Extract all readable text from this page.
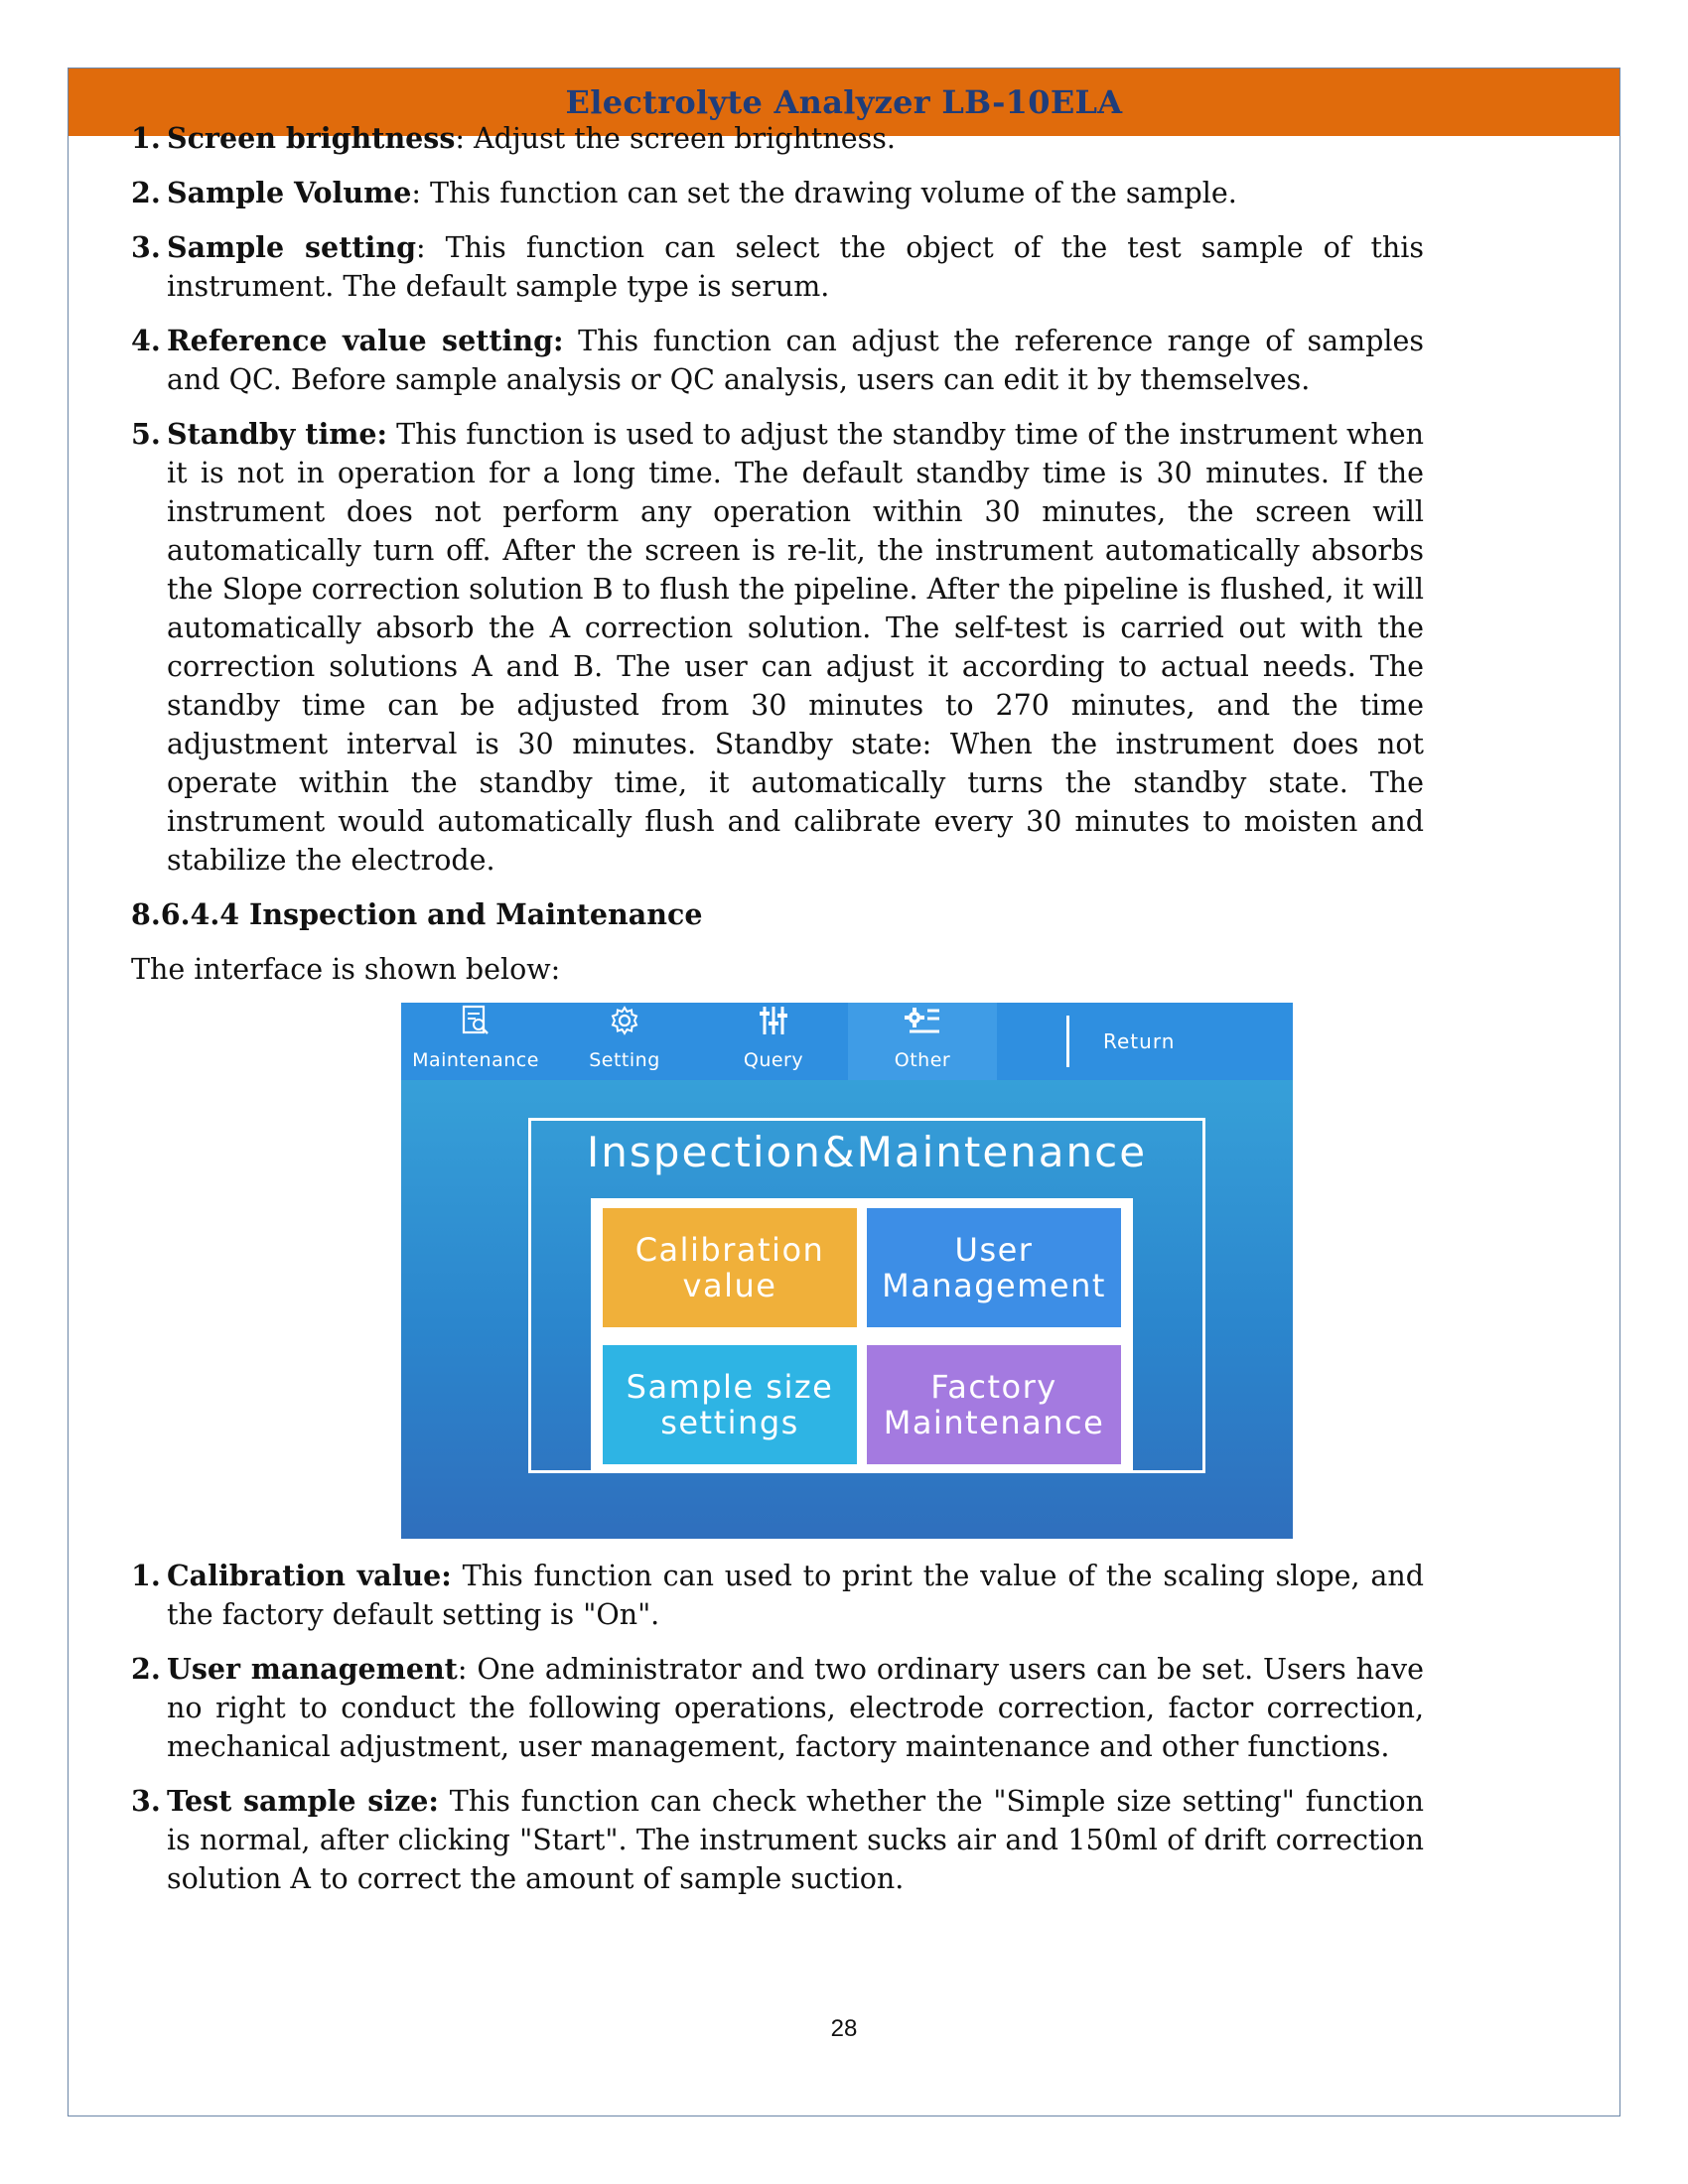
Electrolyte Analyzer LB-10ELA
1. Screen brightness: Adjust the screen brightness.
2. Sample Volume: This function can set the drawing volume of the sample.
3. Sample setting: This function can select the object of the test sample of this instrument. The default sample type is serum.
4. Reference value setting: This function can adjust the reference range of samples and QC. Before sample analysis or QC analysis, users can edit it by themselves.
5. Standby time: This function is used to adjust the standby time of the instrument when it is not in operation for a long time. The default standby time is 30 minutes. If the instrument does not perform any operation within 30 minutes, the screen will automatically turn off. After the screen is re-lit, the instrument automatically absorbs the Slope correction solution B to flush the pipeline. After the pipeline is flushed, it will automatically absorb the A correction solution. The self-test is carried out with the correction solutions A and B. The user can adjust it according to actual needs. The standby time can be adjusted from 30 minutes to 270 minutes, and the time adjustment interval is 30 minutes. Standby state: When the instrument does not operate within the standby time, it automatically turns the standby state. The instrument would automatically flush and calibrate every 30 minutes to moisten and stabilize the electrode.
8.6.4.4 Inspection and Maintenance
The interface is shown below:
Maintenance	Setting	Query	Other
Return
Inspection&Maintenance
Calibration
value
User
Management
Sample size
settings
Factory
Maintenance
1. Calibration value: This function can used to print the value of the scaling slope, and the factory default setting is "On".
2. User management: One administrator and two ordinary users can be set. Users have no right to conduct the following operations, electrode correction, factor correction, mechanical adjustment, user management, factory maintenance and other functions.
3. Test sample size: This function can check whether the "Simple size setting" function is normal, after clicking "Start". The instrument sucks air and 150ml of drift correction solution A to correct the amount of sample suction.
28
